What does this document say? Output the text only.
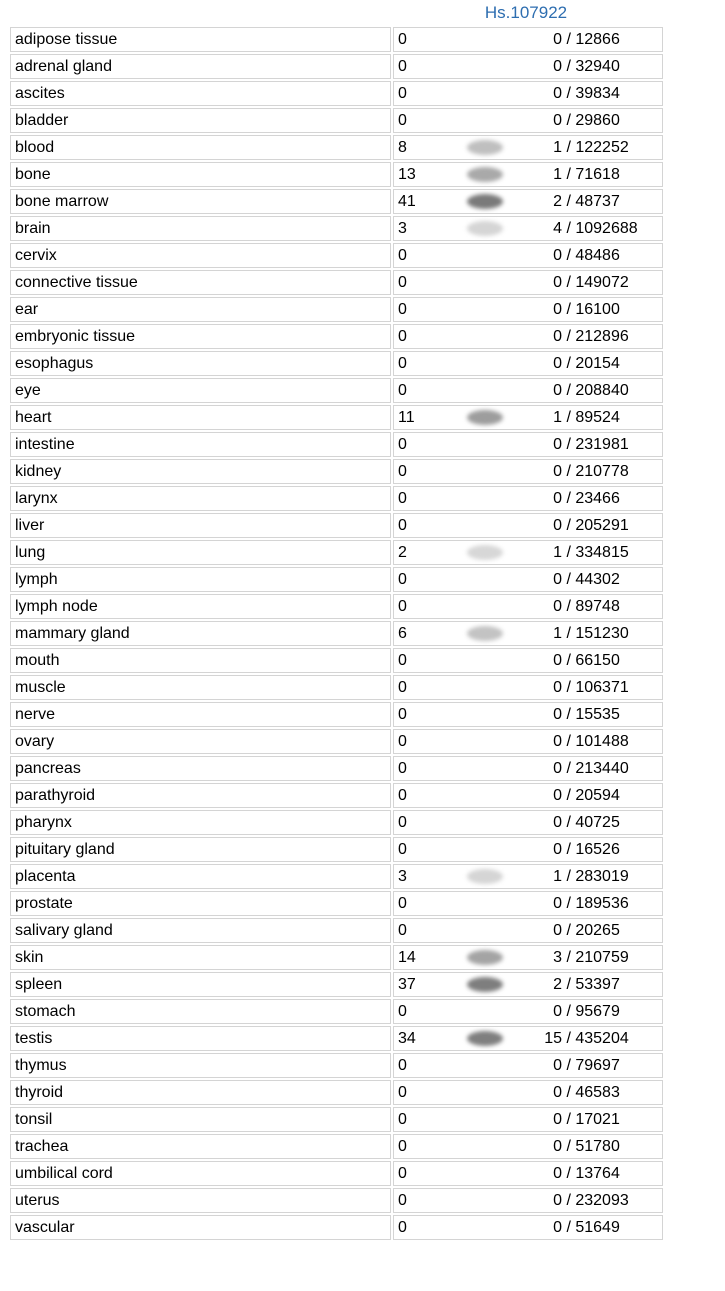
Hs.107922
adipose tissue	0 0 / 12866

adrenal gland	0 0 / 32940

ascites	0 0 / 39834

bladder	0 0 / 29860

blood	8 1 / 122252

bone	13 1 / 71618

bone marrow	41 2 / 48737

brain	3 4 / 1092688

cervix	0 0 / 48486

connective tissue	0 0 / 149072

ear	0 0 / 16100

embryonic tissue	0 0 / 212896

esophagus	0 0 / 20154

eye	0 0 / 208840

heart	11 1 / 89524

intestine	0 0 / 231981

kidney	0 0 / 210778

larynx	0 0 / 23466

liver	0 0 / 205291

lung	2 1 / 334815

lymph	0 0 / 44302

lymph node	0 0 / 89748

mammary gland	6 1 / 151230

mouth	0 0 / 66150

muscle	0 0 / 106371

nerve	0 0 / 15535

ovary	0 0 / 101488

pancreas	0 0 / 213440

parathyroid	0 0 / 20594

pharynx	0 0 / 40725

pituitary gland	0 0 / 16526

placenta	3 1 / 283019

prostate	0 0 / 189536

salivary gland	0 0 / 20265

skin	14 3 / 210759

spleen	37 2 / 53397

stomach	0 0 / 95679

testis	34 15 / 435204

thymus	0 0 / 79697

thyroid	0 0 / 46583

tonsil	0 0 / 17021

trachea	0 0 / 51780

umbilical cord	0 0 / 13764

uterus	0 0 / 232093

vascular	0 0 / 51649
